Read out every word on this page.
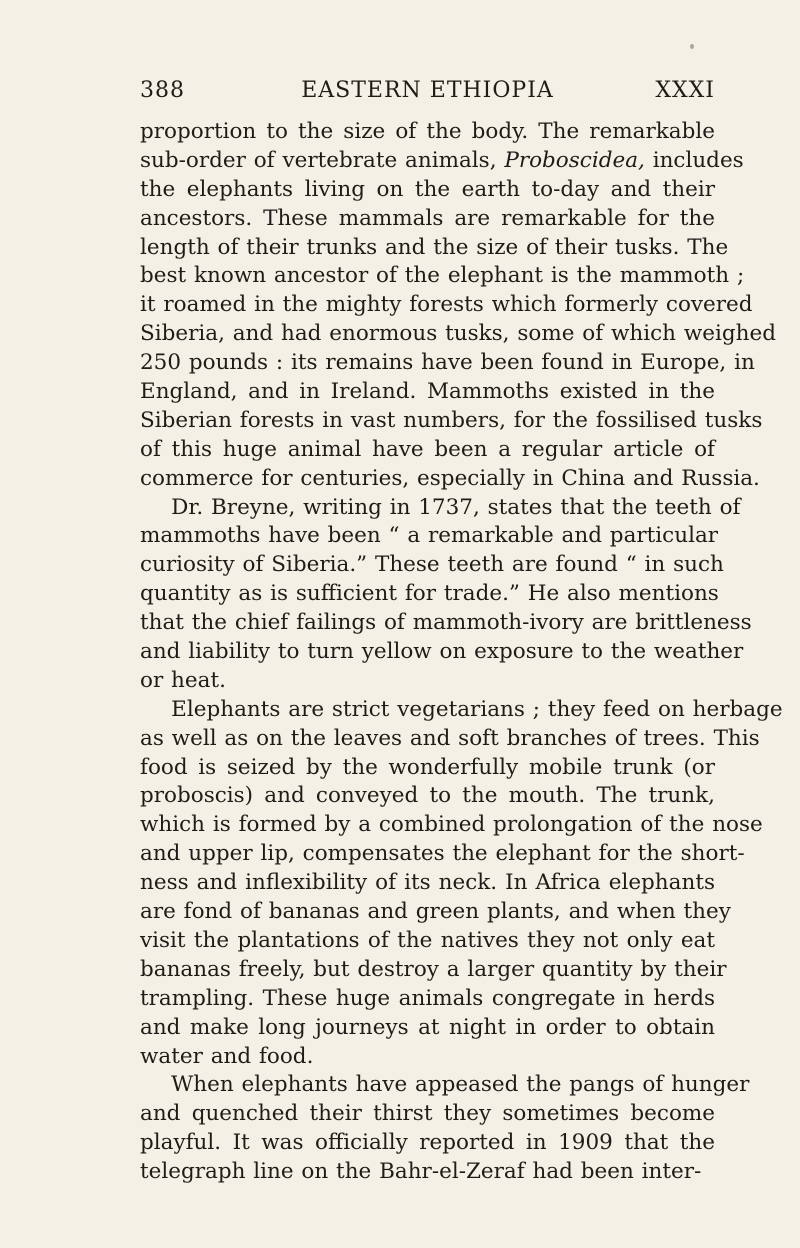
388	EASTERN ETHIOPIA	XXXI
proportion to the size of the body. The remarkable
sub-order of vertebrate animals, Proboscidea, includes
the elephants living on the earth to-day and their
ancestors. These mammals are remarkable for the
length of their trunks and the size of their tusks. The
best known ancestor of the elephant is the mammoth ;
it roamed in the mighty forests which formerly covered
Siberia, and had enormous tusks, some of which weighed
250 pounds : its remains have been found in Europe, in
England, and in Ireland. Mammoths existed in the
Siberian forests in vast numbers, for the fossilised tusks
of this huge animal have been a regular article of
commerce for centuries, especially in China and Russia.
Dr. Breyne, writing in 1737, states that the teeth of
mammoths have been “ a remarkable and particular
curiosity of Siberia.” These teeth are found “ in such
quantity as is sufficient for trade.” He also mentions
that the chief failings of mammoth-ivory are brittleness
and liability to turn yellow on exposure to the weather
or heat.
Elephants are strict vegetarians ; they feed on herbage
as well as on the leaves and soft branches of trees. This
food is seized by the wonderfully mobile trunk (or
proboscis) and conveyed to the mouth. The trunk,
which is formed by a combined prolongation of the nose
and upper lip, compensates the elephant for the short-
ness and inflexibility of its neck. In Africa elephants
are fond of bananas and green plants, and when they
visit the plantations of the natives they not only eat
bananas freely, but destroy a larger quantity by their
trampling. These huge animals congregate in herds
and make long journeys at night in order to obtain
water and food.
When elephants have appeased the pangs of hunger
and quenched their thirst they sometimes become
playful. It was officially reported in 1909 that the
telegraph line on the Bahr-el-Zeraf had been inter-
